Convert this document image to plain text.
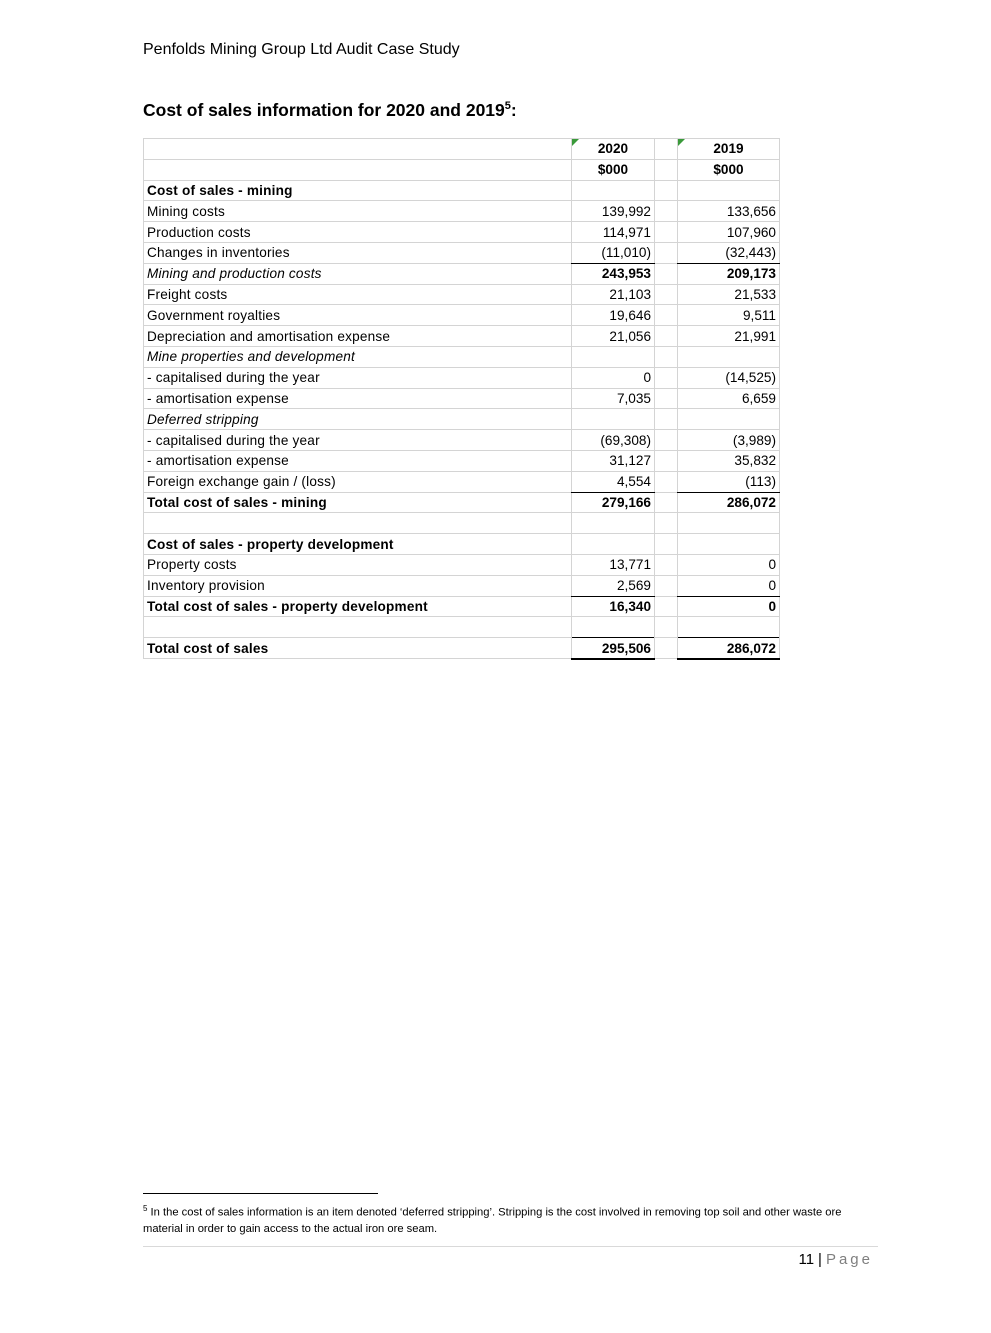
Penfolds Mining Group Ltd Audit Case Study
Cost of sales information for 2020 and 2019$^5$:
	2020		2019
	$000		$000
Cost of sales - mining			
Mining costs	139,992		133,656
Production costs	114,971		107,960
Changes in inventories	(11,010)		(32,443)
Mining and production costs	243,953		209,173
Freight costs	21,103		21,533
Government royalties	19,646		9,511
Depreciation and amortisation expense	21,056		21,991
Mine properties and development			
- capitalised during the year	0		(14,525)
- amortisation expense	7,035		6,659
Deferred stripping			
- capitalised during the year	(69,308)		(3,989)
- amortisation expense	31,127		35,832
Foreign exchange gain / (loss)	4,554		(113)
Total cost of sales - mining	279,166		286,072

Cost of sales - property development			
Property costs	13,771		0
Inventory provision	2,569		0
Total cost of sales - property development	16,340		0

Total cost of sales	295,506		286,072
$^5$ In the cost of sales information is an item denoted ‘deferred stripping’. Stripping is the cost involved in removing top soil and other waste ore material in order to gain access to the actual iron ore seam.
11 | Page
